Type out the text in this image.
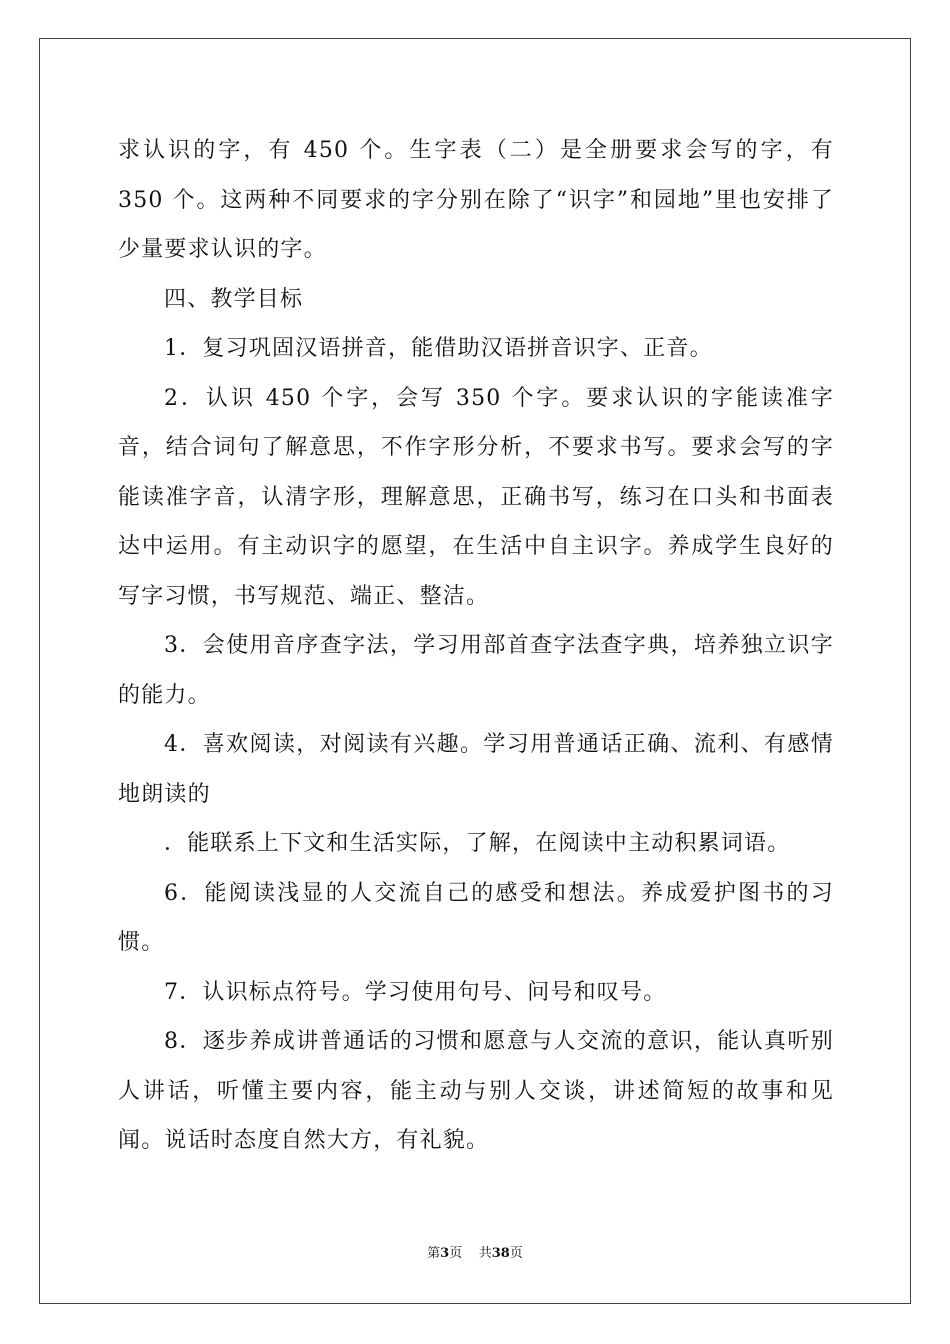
求认识的字，有 450 个。生字表（二）是全册要求会写的字，有 350 个。这两种不同要求的字分别在除了“识字”和园地”里也安排了少量要求认识的字。

四、教学目标

1．复习巩固汉语拼音，能借助汉语拼音识字、正音。

2．认识 450 个字，会写 350 个字。要求认识的字能读准字音，结合词句了解意思，不作字形分析，不要求书写。要求会写的字能读准字音，认清字形，理解意思，正确书写，练习在口头和书面表达中运用。有主动识字的愿望，在生活中自主识字。养成学生良好的写字习惯，书写规范、端正、整洁。

3．会使用音序查字法，学习用部首查字法查字典，培养独立识字的能力。

4．喜欢阅读，对阅读有兴趣。学习用普通话正确、流利、有感情地朗读的

．能联系上下文和生活实际，了解，在阅读中主动积累词语。

6．能阅读浅显的人交流自己的感受和想法。养成爱护图书的习惯。

7．认识标点符号。学习使用句号、问号和叹号。

8．逐步养成讲普通话的习惯和愿意与人交流的意识，能认真听别人讲话，听懂主要内容，能主动与别人交谈，讲述简短的故事和见闻。说话时态度自然大方，有礼貌。

第3页 共38页
